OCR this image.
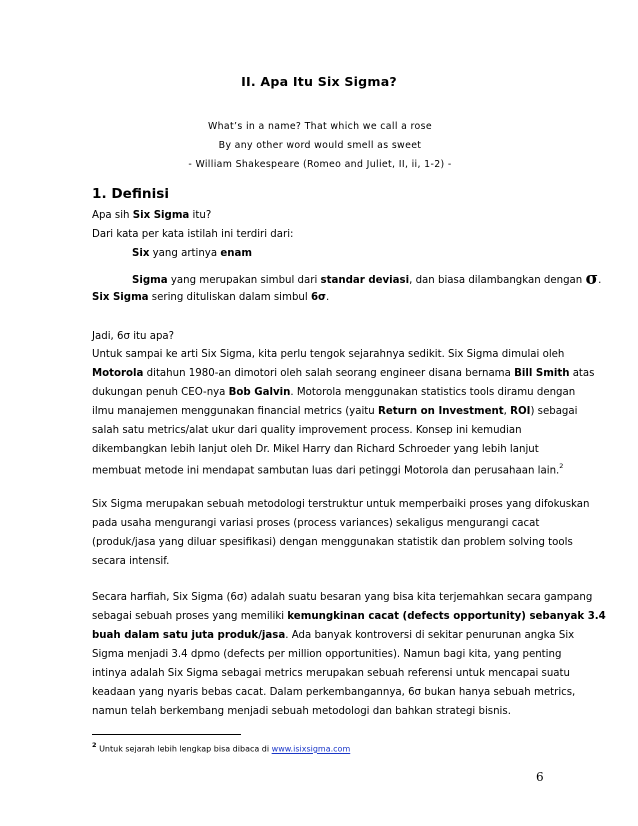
II. Apa Itu Six Sigma?
What’s in a name? That which we call a rose
By any other word would smell as sweet
- William Shakespeare (Romeo and Juliet, II, ii, 1-2) -
1. Definisi
Apa sih Six Sigma itu?
Dari kata per kata istilah ini terdiri dari:
Six yang artinya enam
Sigma yang merupakan simbul dari standar deviasi, dan biasa dilambangkan dengan σ.
Six Sigma sering dituliskan dalam simbul 6σ.
Jadi, 6σ itu apa?
Untuk sampai ke arti Six Sigma, kita perlu tengok sejarahnya sedikit. Six Sigma dimulai oleh
Motorola ditahun 1980-an dimotori oleh salah seorang engineer disana bernama Bill Smith atas
dukungan penuh CEO-nya Bob Galvin. Motorola menggunakan statistics tools diramu dengan
ilmu manajemen menggunakan financial metrics (yaitu Return on Investment, ROI) sebagai
salah satu metrics/alat ukur dari quality improvement process. Konsep ini kemudian
dikembangkan lebih lanjut oleh Dr. Mikel Harry dan Richard Schroeder yang lebih lanjut
membuat metode ini mendapat sambutan luas dari petinggi Motorola dan perusahaan lain.$^2$
Six Sigma merupakan sebuah metodologi terstruktur untuk memperbaiki proses yang difokuskan
pada usaha mengurangi variasi proses (process variances) sekaligus mengurangi cacat
(produk/jasa yang diluar spesifikasi) dengan menggunakan statistik dan problem solving tools
secara intensif.
Secara harfiah, Six Sigma (6σ) adalah suatu besaran yang bisa kita terjemahkan secara gampang
sebagai sebuah proses yang memiliki kemungkinan cacat (defects opportunity) sebanyak 3.4
buah dalam satu juta produk/jasa. Ada banyak kontroversi di sekitar penurunan angka Six
Sigma menjadi 3.4 dpmo (defects per million opportunities). Namun bagi kita, yang penting
intinya adalah Six Sigma sebagai metrics merupakan sebuah referensi untuk mencapai suatu
keadaan yang nyaris bebas cacat. Dalam perkembangannya, 6σ bukan hanya sebuah metrics,
namun telah berkembang menjadi sebuah metodologi dan bahkan strategi bisnis.
$^2$ Untuk sejarah lebih lengkap bisa dibaca di www.isixsigma.com
6
